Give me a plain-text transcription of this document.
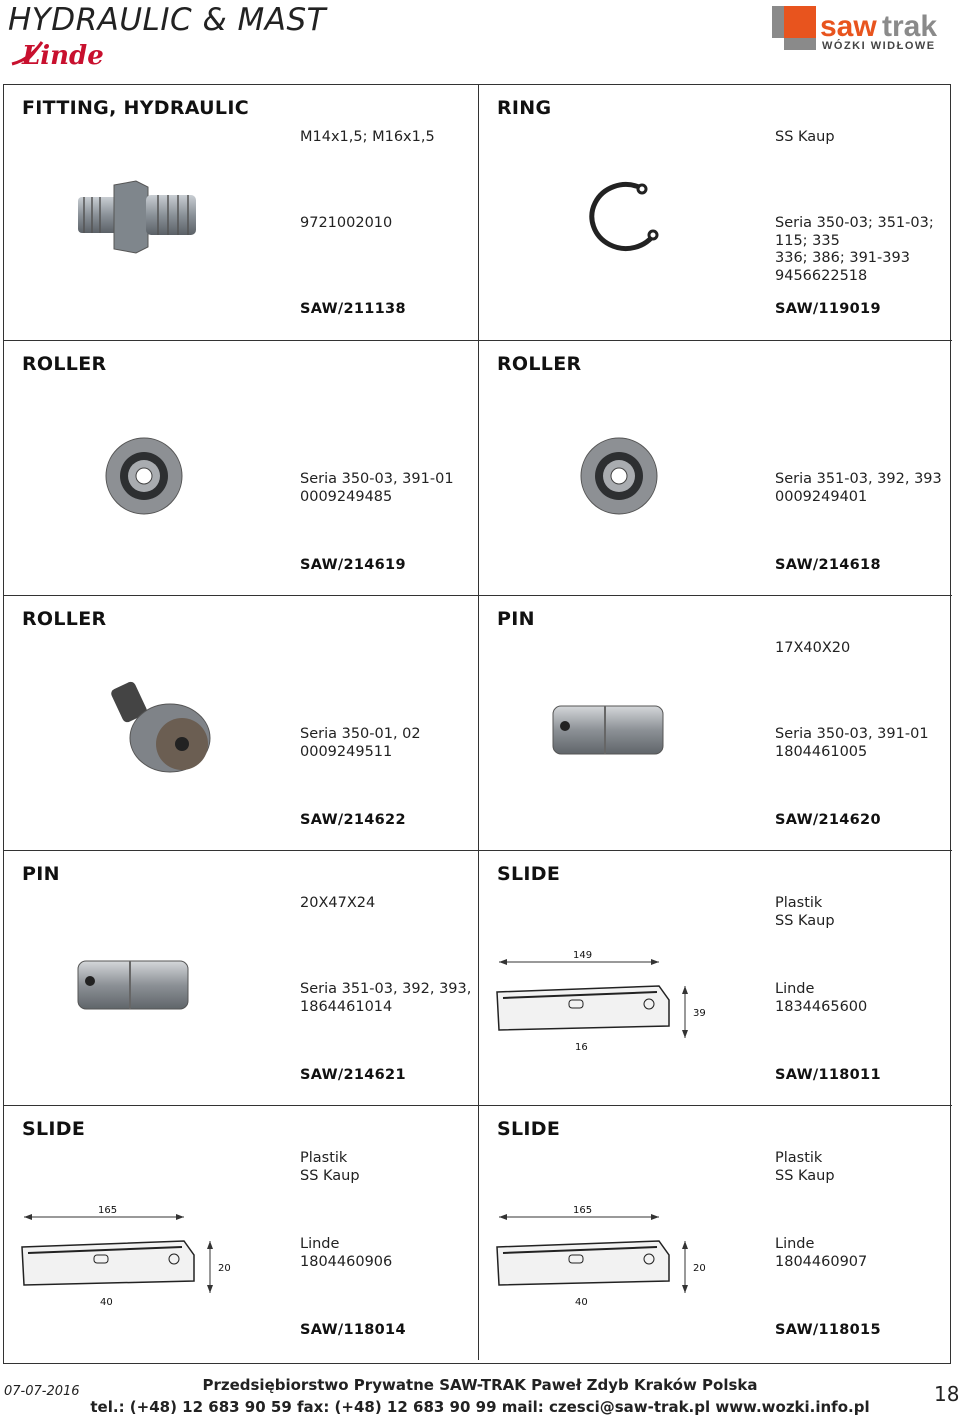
HYDRAULIC & MAST
Linde
saw trak
WÓZKI WIDŁOWE
FITTING, HYDRAULIC
M14x1,5; M16x1,5
9721002010
SAW/211138
RING
SS Kaup
Seria 350-03; 351-03;
115; 335
336; 386; 391-393
9456622518
SAW/119019
ROLLER
Seria 350-03, 391-01
0009249485
SAW/214619
ROLLER
Seria 351-03, 392, 393
0009249401
SAW/214618
ROLLER
Seria 350-01, 02
0009249511
SAW/214622
PIN
17X40X20
Seria 350-03, 391-01
1804461005
SAW/214620
PIN
20X47X24
Seria 351-03, 392, 393,
1864461014
SAW/214621
SLIDE
Plastik
SS Kaup
Linde
1834465600
SAW/118011
149
39
16
SLIDE
Plastik
SS Kaup
Linde
1804460906
SAW/118014
165
20
40
SLIDE
Plastik
SS Kaup
Linde
1804460907
SAW/118015
165
20
40
07-07-2016	Przedsiębiorstwo Prywatne SAW-TRAK Paweł Zdyb Kraków Polska
tel.: (+48) 12 683 90 59 fax: (+48) 12 683 90 99 mail: czesci@saw-trak.pl www.wozki.info.pl
18
